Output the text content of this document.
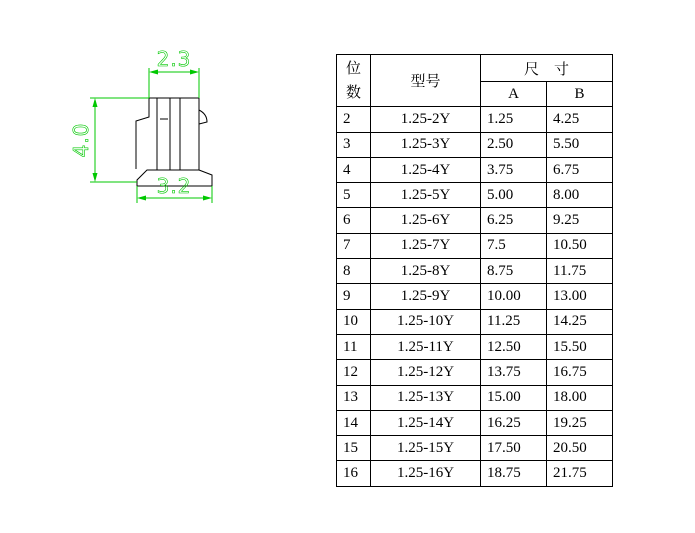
2.3
4.0
3.2
位
数	型号	尺　寸	
		A	B
2	1.25-2Y	1.25	4.25
3	1.25-3Y	2.50	5.50
4	1.25-4Y	3.75	6.75
5	1.25-5Y	5.00	8.00
6	1.25-6Y	6.25	9.25
7	1.25-7Y	7.5	10.50
8	1.25-8Y	8.75	11.75
9	1.25-9Y	10.00	13.00
10	1.25-10Y	11.25	14.25
11	1.25-11Y	12.50	15.50
12	1.25-12Y	13.75	16.75
13	1.25-13Y	15.00	18.00
14	1.25-14Y	16.25	19.25
15	1.25-15Y	17.50	20.50
16	1.25-16Y	18.75	21.75
